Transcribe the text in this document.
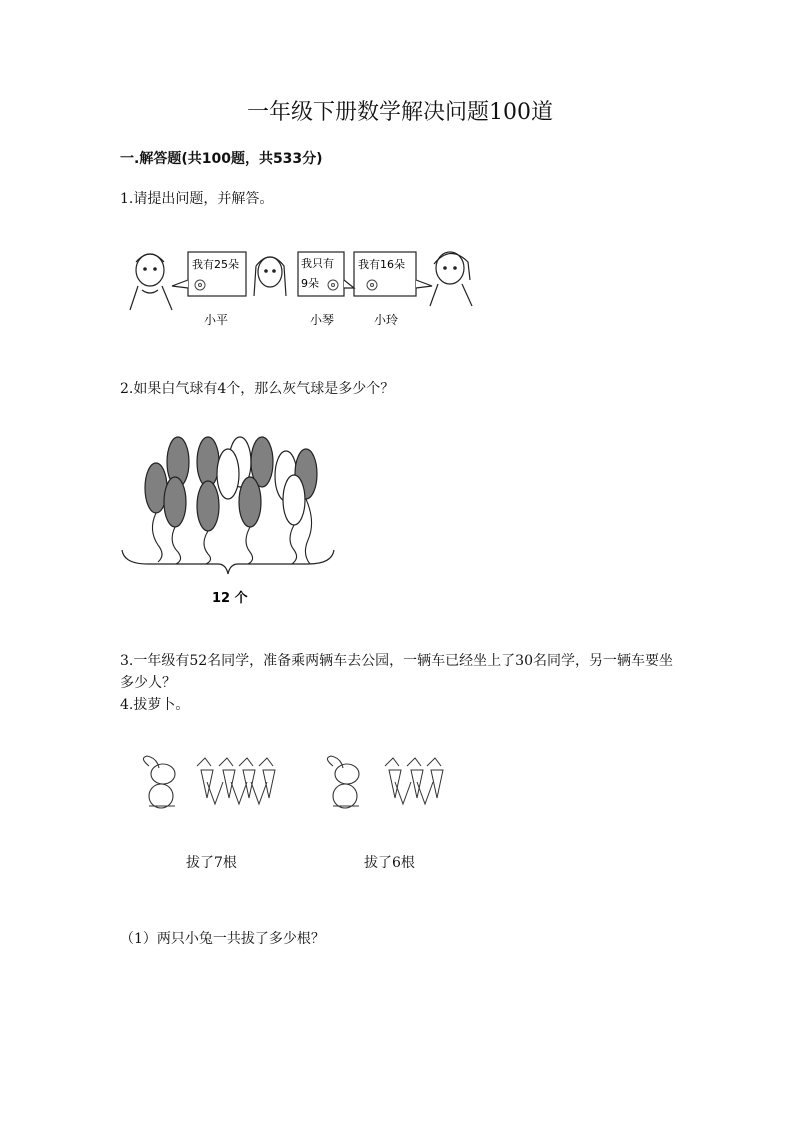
一年级下册数学解决问题100道
一.解答题(共100题，共533分)
1.请提出问题，并解答。
我有25朵	我只有
9朵
我有16朵
小平	小琴	小玲
2.如果白气球有4个，那么灰气球是多少个？
12 个
3.一年级有52名同学，准备乘两辆车去公园，一辆车已经坐上了30名同学，另一辆车要坐多少人？
4.拔萝卜。
拔了7根	拔了6根
（1）两只小兔一共拔了多少根？
